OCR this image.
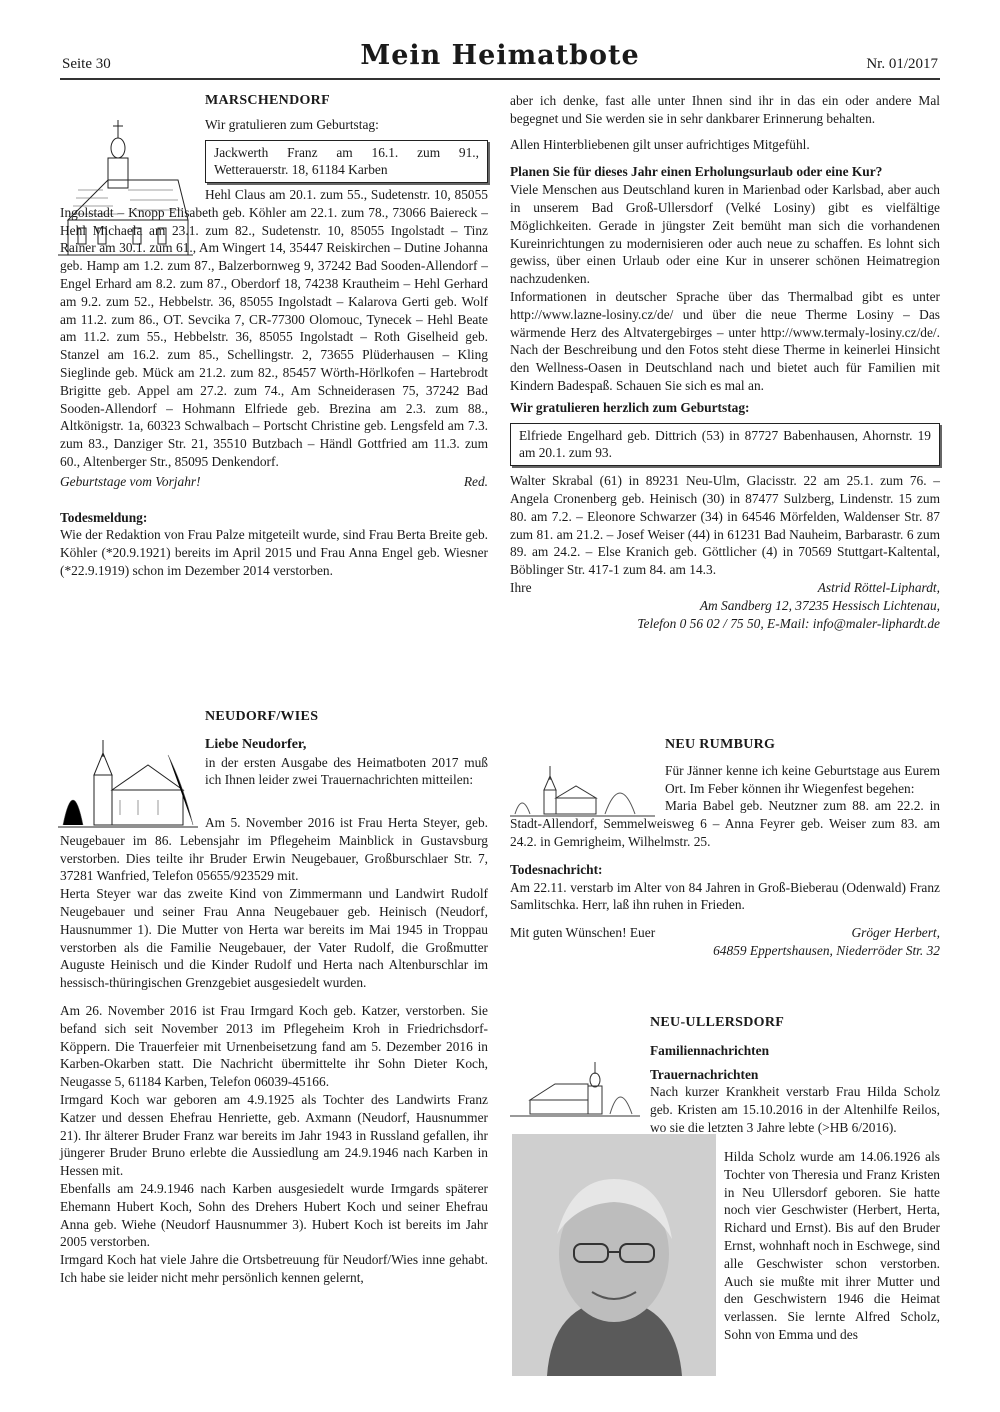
Seite 30	Mein Heimatbote	Nr. 01/2017
MARSCHENDORF

Wir gratulieren zum Geburtstag:

Jackwerth Franz am 16.1. zum 91., Wetterauerstr. 18, 61184 Karben

Hehl Claus am 20.1. zum 55., Sudetenstr. 10, 85055 Ingolstadt – Knopp Elisabeth geb. Köhler am 22.1. zum 78., 73066 Baiereck – Hehl Michaela am 23.1. zum 82., Sudetenstr. 10, 85055 Ingolstadt – Tinz Rainer am 30.1. zum 61., Am Wingert 14, 35447 Reiskirchen – Dutine Johanna geb. Hamp am 1.2. zum 87., Balzerbornweg 9, 37242 Bad Sooden-Allendorf – Engel Erhard am 8.2. zum 87., Oberdorf 18, 74238 Krautheim – Hehl Gerhard am 9.2. zum 52., Hebbelstr. 36, 85055 Ingolstadt – Kalarova Gerti geb. Wolf am 11.2. zum 86., OT. Sevcika 7, CR-77300 Olomouc, Tynecek – Hehl Beate am 11.2. zum 55., Hebbelstr. 36, 85055 Ingolstadt – Roth Giselheid geb. Stanzel am 16.2. zum 85., Schellingstr. 2, 73655 Plüderhausen – Kling Sieglinde geb. Mück am 21.2. zum 82., 85457 Wörth-Hörlkofen – Hartebrodt Brigitte geb. Appel am 27.2. zum 74., Am Schneiderasen 75, 37242 Bad Sooden-Allendorf – Hohmann Elfriede geb. Brezina am 2.3. zum 88., Altkönigstr. 1a, 60323 Schwalbach – Portscht Christine geb. Lengsfeld am 7.3. zum 83., Danziger Str. 21, 35510 Butzbach – Händl Gottfried am 11.3. zum 60., Altenberger Str., 85095 Denkendorf.

Geburtstage vom Vorjahr!	Red.

Todesmeldung:

Wie der Redaktion von Frau Palze mitgeteilt wurde, sind Frau Berta Breite geb. Köhler (*20.9.1921) bereits im April 2015 und Frau Anna Engel geb. Wiesner (*22.9.1919) schon im Dezember 2014 verstorben.

NEUDORF/WIES

Liebe Neudorfer,

in der ersten Ausgabe des Heimatboten 2017 muß ich Ihnen leider zwei Trauernachrichten mitteilen:

Am 5. November 2016 ist Frau Herta Steyer, geb. Neugebauer im 86. Lebensjahr im Pflegeheim Mainblick in Gustavsburg verstorben. Dies teilte ihr Bruder Erwin Neugebauer, Großburschlaer Str. 7, 37281 Wanfried, Telefon 05655/923529 mit.

Herta Steyer war das zweite Kind von Zimmermann und Landwirt Rudolf Neugebauer und seiner Frau Anna Neugebauer geb. Heinisch (Neudorf, Hausnummer 1). Die Mutter von Herta war bereits im Mai 1945 in Troppau verstorben als die Familie Neugebauer, der Vater Rudolf, die Großmutter Auguste Heinisch und die Kinder Rudolf und Herta nach Altenburschlar im hessisch-thüringischen Grenzgebiet ausgesiedelt wurden.

Am 26. November 2016 ist Frau Irmgard Koch geb. Katzer, verstorben. Sie befand sich seit November 2013 im Pflegeheim Kroh in Friedrichsdorf-Köppern. Die Trauerfeier mit Urnenbeisetzung fand am 5. Dezember 2016 in Karben-Okarben statt. Die Nachricht übermittelte ihr Sohn Dieter Koch, Neugasse 5, 61184 Karben, Telefon 06039-45166.

Irmgard Koch war geboren am 4.9.1925 als Tochter des Landwirts Franz Katzer und dessen Ehefrau Henriette, geb. Axmann (Neudorf, Hausnummer 21). Ihr älterer Bruder Franz war bereits im Jahr 1943 in Russland gefallen, ihr jüngerer Bruder Bruno erlebte die Aussiedlung am 24.9.1946 nach Karben in Hessen mit.

Ebenfalls am 24.9.1946 nach Karben ausgesiedelt wurde Irmgards späterer Ehemann Hubert Koch, Sohn des Drehers Hubert Koch und seiner Ehefrau Anna geb. Wiehe (Neudorf Hausnummer 3). Hubert Koch ist bereits im Jahr 2005 verstorben.

Irmgard Koch hat viele Jahre die Ortsbetreuung für Neudorf/Wies inne gehabt. Ich habe sie leider nicht mehr persönlich kennen gelernt,

aber ich denke, fast alle unter Ihnen sind ihr in das ein oder andere Mal begegnet und Sie werden sie in sehr dankbarer Erinnerung behalten.

Allen Hinterbliebenen gilt unser aufrichtiges Mitgefühl.

Planen Sie für dieses Jahr einen Erholungsurlaub oder eine Kur?

Viele Menschen aus Deutschland kuren in Marienbad oder Karlsbad, aber auch in unserem Bad Groß-Ullersdorf (Velké Losiny) gibt es vielfältige Möglichkeiten. Gerade in jüngster Zeit bemüht man sich die vorhandenen Kureinrichtungen zu modernisieren oder auch neue zu schaffen. Es lohnt sich gewiss, über einen Urlaub oder eine Kur in unserer schönen Heimatregion nachzudenken.

Informationen in deutscher Sprache über das Thermalbad gibt es unter http://www.lazne-losiny.cz/de/ und über die neue Therme Losiny – Das wärmende Herz des Altvatergebirges – unter http://www.termaly-losiny.cz/de/. Nach der Beschreibung und den Fotos steht diese Therme in keinerlei Hinsicht den Wellness-Oasen in Deutschland nach und bietet auch für Familien mit Kindern Badespaß. Schauen Sie sich es mal an.

Wir gratulieren herzlich zum Geburtstag:

Elfriede Engelhard geb. Dittrich (53) in 87727 Babenhausen, Ahornstr. 19 am 20.1. zum 93.

Walter Skrabal (61) in 89231 Neu-Ulm, Glacisstr. 22 am 25.1. zum 76. – Angela Cronenberg geb. Heinisch (30) in 87477 Sulzberg, Lindenstr. 15 zum 80. am 7.2. – Eleonore Schwarzer (34) in 64546 Mörfelden, Waldenser Str. 87 zum 81. am 21.2. – Josef Weiser (44) in 61231 Bad Nauheim, Barbarastr. 6 zum 89. am 24.2. – Else Kranich geb. Göttlicher (4) in 70569 Stuttgart-Kaltental, Böblinger Str. 417-1 zum 84. am 14.3.

Ihre	Astrid Röttel-Liphardt,

Am Sandberg 12, 37235 Hessisch Lichtenau,

Telefon 0 56 02 / 75 50, E-Mail: info@maler-liphardt.de

NEU RUMBURG

Für Jänner kenne ich keine Geburtstage aus Eurem Ort. Im Feber können ihr Wiegenfest begehen:

Maria Babel geb. Neutzner zum 88. am 22.2. in Stadt-Allendorf, Semmelweisweg 6 – Anna Feyrer geb. Weiser zum 83. am 24.2. in Gemrigheim, Wilhelmstr. 25.

Todesnachricht:

Am 22.11. verstarb im Alter von 84 Jahren in Groß-Bieberau (Odenwald) Franz Samlitschka. Herr, laß ihn ruhen in Frieden.

Mit guten Wünschen! Euer	Gröger Herbert,

64859 Eppertshausen, Niederröder Str. 32

NEU-ULLERSDORF

Familiennachrichten

Trauernachrichten

Nach kurzer Krankheit verstarb Frau Hilda Scholz geb. Kristen am 15.10.2016 in der Altenhilfe Reilos, wo sie die letzten 3 Jahre lebte (>HB 6/2016).

Hilda Scholz wurde am 14.06.1926 als Tochter von Theresia und Franz Kristen in Neu Ullersdorf geboren. Sie hatte noch vier Geschwister (Herbert, Herta, Richard und Ernst). Bis auf den Bruder Ernst, wohnhaft noch in Eschwege, sind alle Geschwister schon verstorben. Auch sie mußte mit ihrer Mutter und den Geschwistern 1946 die Heimat verlassen. Sie lernte Alfred Scholz, Sohn von Emma und des
